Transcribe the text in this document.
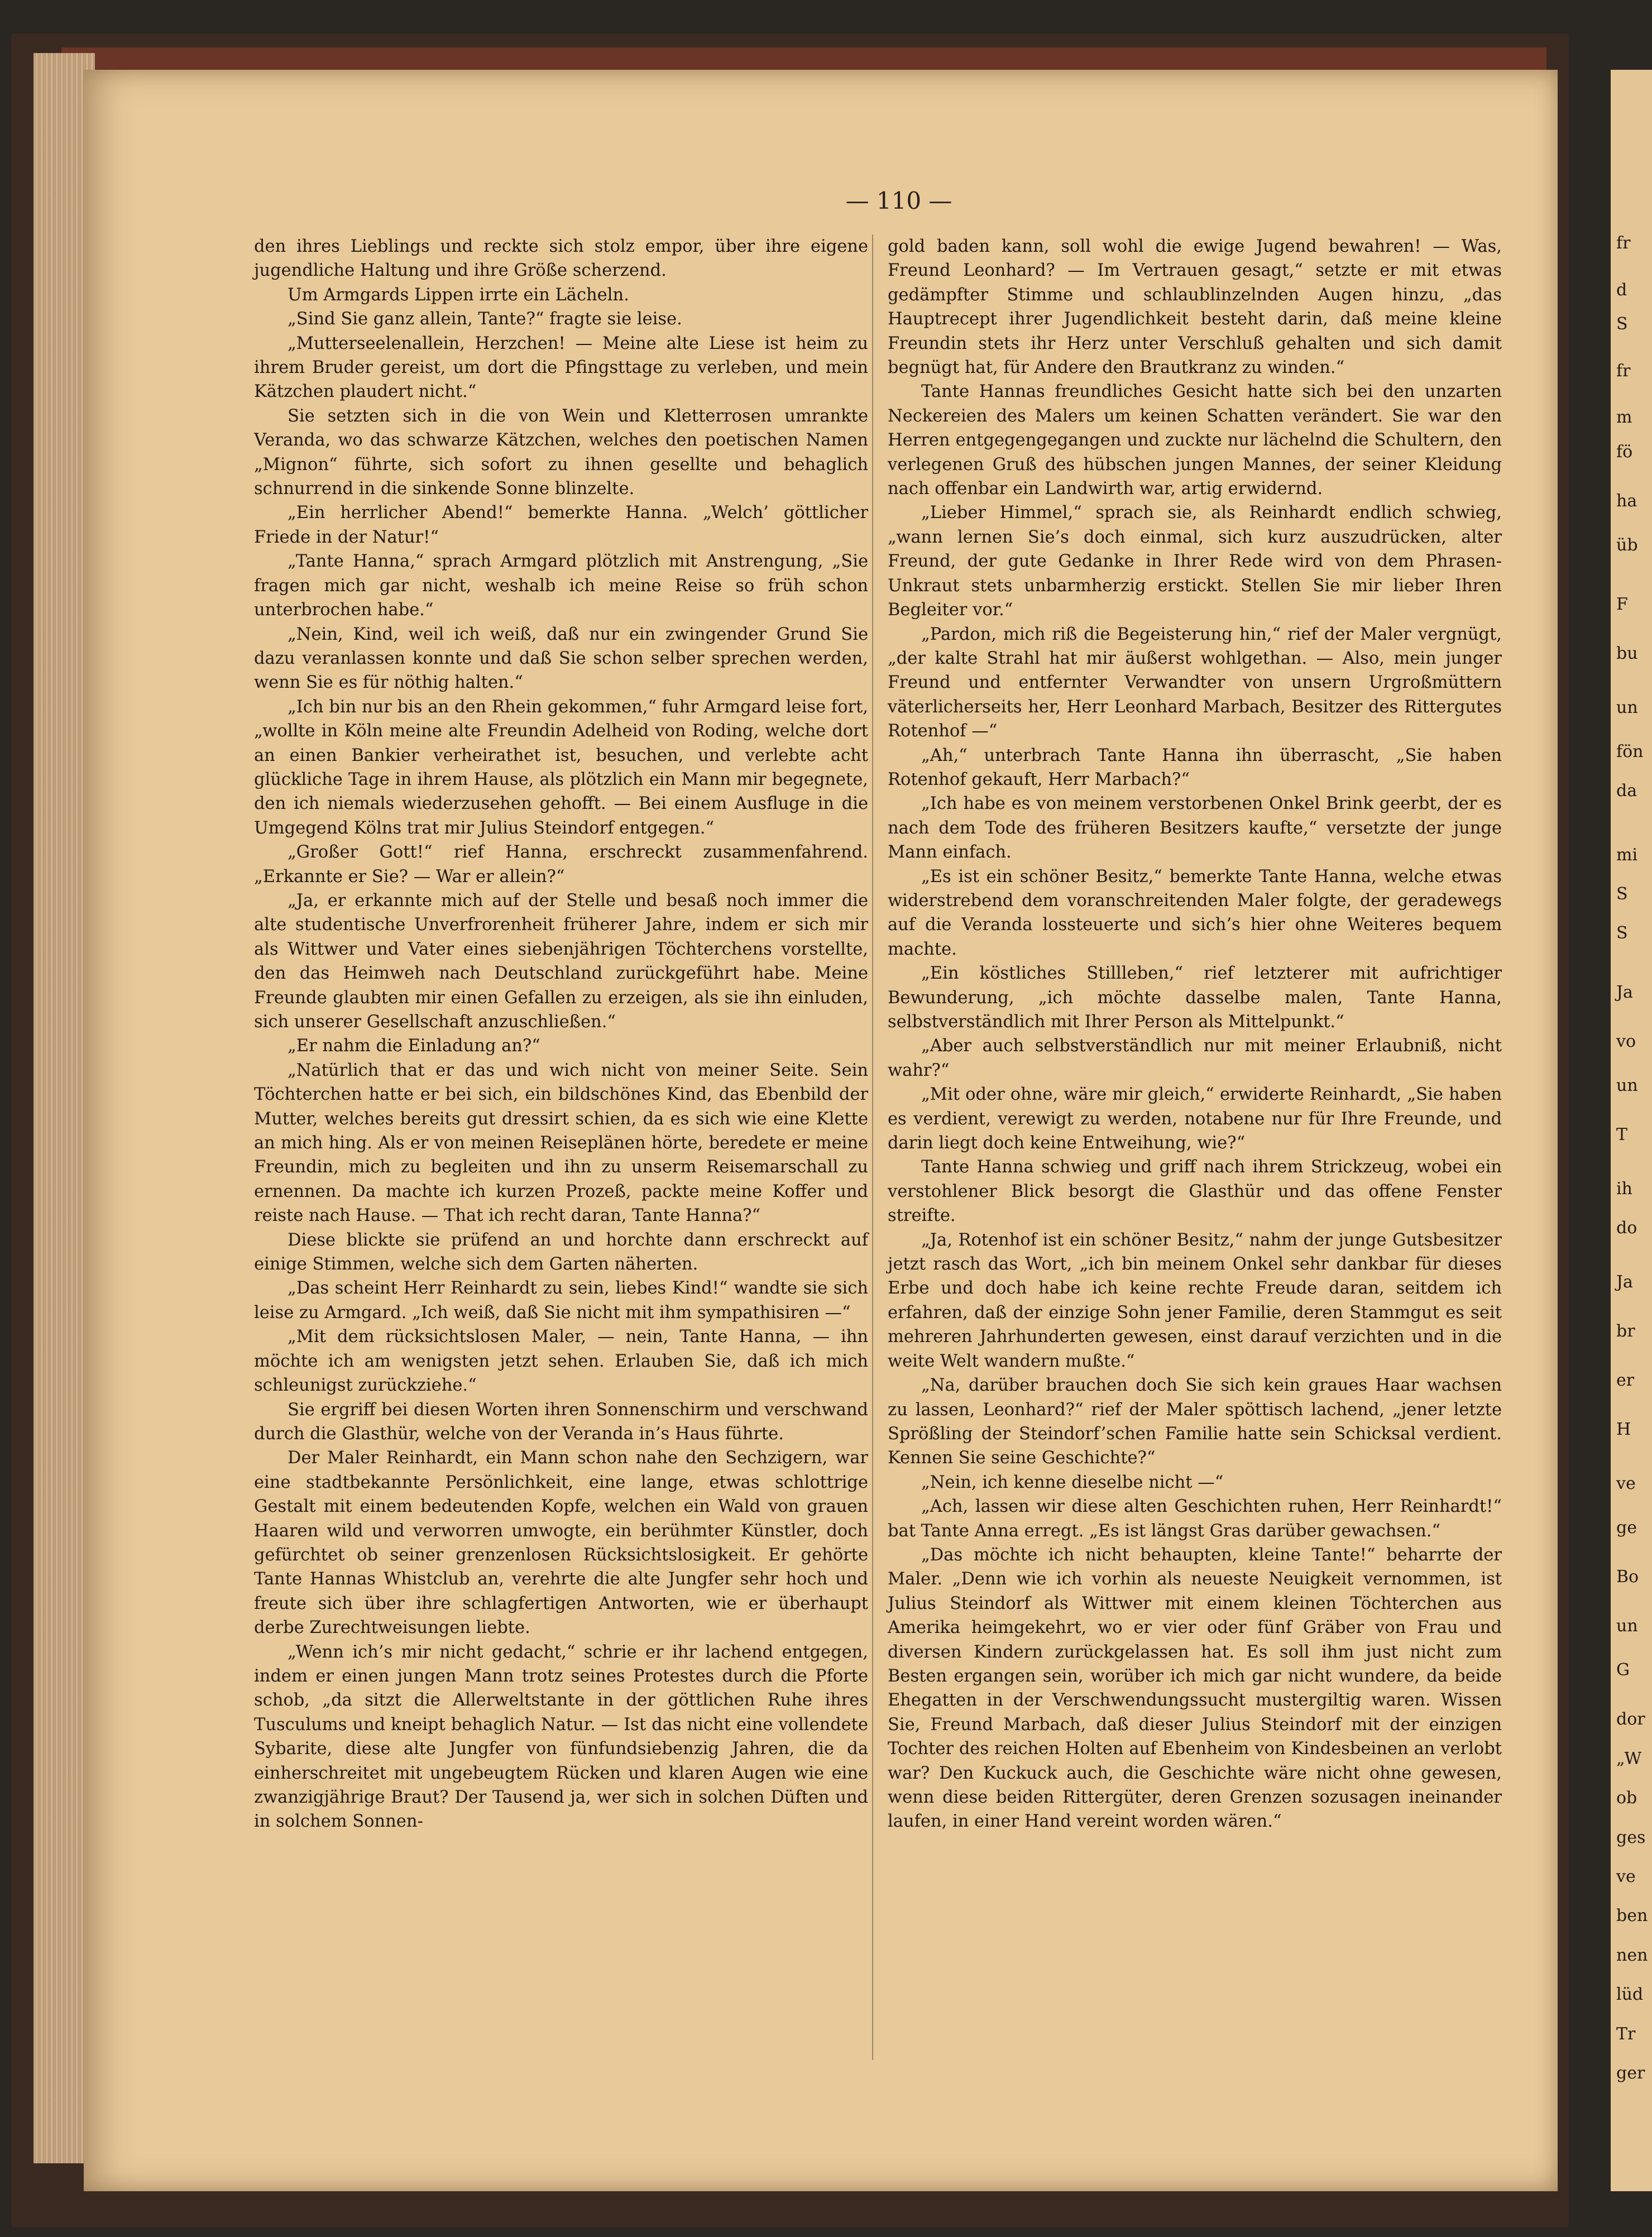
— 110 —

den ihres Lieblings und reckte sich stolz empor, über ihre eigene jugendliche Haltung und ihre Größe scherzend.

Um Armgards Lippen irrte ein Lächeln.

„Sind Sie ganz allein, Tante?“ fragte sie leise.

„Mutterseelenallein, Herzchen! — Meine alte Liese ist heim zu ihrem Bruder gereist, um dort die Pfingsttage zu verleben, und mein Kätzchen plaudert nicht.“

Sie setzten sich in die von Wein und Kletterrosen umrankte Veranda, wo das schwarze Kätzchen, welches den poetischen Namen „Mignon“ führte, sich sofort zu ihnen gesellte und behaglich schnurrend in die sinkende Sonne blinzelte.

„Ein herrlicher Abend!“ bemerkte Hanna. „Welch’ göttlicher Friede in der Natur!“

„Tante Hanna,“ sprach Armgard plötzlich mit Anstrengung, „Sie fragen mich gar nicht, weshalb ich meine Reise so früh schon unterbrochen habe.“

„Nein, Kind, weil ich weiß, daß nur ein zwingender Grund Sie dazu veranlassen konnte und daß Sie schon selber sprechen werden, wenn Sie es für nöthig halten.“

„Ich bin nur bis an den Rhein gekommen,“ fuhr Armgard leise fort, „wollte in Köln meine alte Freundin Adelheid von Roding, welche dort an einen Bankier verheirathet ist, besuchen, und verlebte acht glückliche Tage in ihrem Hause, als plötzlich ein Mann mir begegnete, den ich niemals wiederzusehen gehofft. — Bei einem Ausfluge in die Umgegend Kölns trat mir Julius Steindorf entgegen.“

„Großer Gott!“ rief Hanna, erschreckt zusammenfahrend. „Erkannte er Sie? — War er allein?“

„Ja, er erkannte mich auf der Stelle und besaß noch immer die alte studentische Unverfrorenheit früherer Jahre, indem er sich mir als Wittwer und Vater eines siebenjährigen Töchterchens vorstellte, den das Heimweh nach Deutschland zurückgeführt habe. Meine Freunde glaubten mir einen Gefallen zu erzeigen, als sie ihn einluden, sich unserer Gesellschaft anzuschließen.“

„Er nahm die Einladung an?“

„Natürlich that er das und wich nicht von meiner Seite. Sein Töchterchen hatte er bei sich, ein bildschönes Kind, das Ebenbild der Mutter, welches bereits gut dressirt schien, da es sich wie eine Klette an mich hing. Als er von meinen Reiseplänen hörte, beredete er meine Freundin, mich zu begleiten und ihn zu unserm Reisemarschall zu ernennen. Da machte ich kurzen Prozeß, packte meine Koffer und reiste nach Hause. — That ich recht daran, Tante Hanna?“

Diese blickte sie prüfend an und horchte dann erschreckt auf einige Stimmen, welche sich dem Garten näherten.

„Das scheint Herr Reinhardt zu sein, liebes Kind!“ wandte sie sich leise zu Armgard. „Ich weiß, daß Sie nicht mit ihm sympathisiren —“

„Mit dem rücksichtslosen Maler, — nein, Tante Hanna, — ihn möchte ich am wenigsten jetzt sehen. Erlauben Sie, daß ich mich schleunigst zurückziehe.“

Sie ergriff bei diesen Worten ihren Sonnenschirm und verschwand durch die Glasthür, welche von der Veranda in’s Haus führte.

Der Maler Reinhardt, ein Mann schon nahe den Sechzigern, war eine stadtbekannte Persönlichkeit, eine lange, etwas schlottrige Gestalt mit einem bedeutenden Kopfe, welchen ein Wald von grauen Haaren wild und verworren umwogte, ein berühmter Künstler, doch gefürchtet ob seiner grenzenlosen Rücksichtslosigkeit. Er gehörte Tante Hannas Whistclub an, verehrte die alte Jungfer sehr hoch und freute sich über ihre schlagfertigen Antworten, wie er überhaupt derbe Zurechtweisungen liebte.

„Wenn ich’s mir nicht gedacht,“ schrie er ihr lachend entgegen, indem er einen jungen Mann trotz seines Protestes durch die Pforte schob, „da sitzt die Allerweltstante in der göttlichen Ruhe ihres Tusculums und kneipt behaglich Natur. — Ist das nicht eine vollendete Sybarite, diese alte Jungfer von fünfundsiebenzig Jahren, die da einherschreitet mit ungebeugtem Rücken und klaren Augen wie eine zwanzigjährige Braut? Der Tausend ja, wer sich in solchen Düften und in solchem Sonnen-

gold baden kann, soll wohl die ewige Jugend bewahren! — Was, Freund Leonhard? — Im Vertrauen gesagt,“ setzte er mit etwas gedämpfter Stimme und schlaublinzelnden Augen hinzu, „das Hauptrecept ihrer Jugendlichkeit besteht darin, daß meine kleine Freundin stets ihr Herz unter Verschluß gehalten und sich damit begnügt hat, für Andere den Brautkranz zu winden.“

Tante Hannas freundliches Gesicht hatte sich bei den unzarten Neckereien des Malers um keinen Schatten verändert. Sie war den Herren entgegengegangen und zuckte nur lächelnd die Schultern, den verlegenen Gruß des hübschen jungen Mannes, der seiner Kleidung nach offenbar ein Landwirth war, artig erwidernd.

„Lieber Himmel,“ sprach sie, als Reinhardt endlich schwieg, „wann lernen Sie’s doch einmal, sich kurz auszudrücken, alter Freund, der gute Gedanke in Ihrer Rede wird von dem Phrasen-Unkraut stets unbarmherzig erstickt. Stellen Sie mir lieber Ihren Begleiter vor.“

„Pardon, mich riß die Begeisterung hin,“ rief der Maler vergnügt, „der kalte Strahl hat mir äußerst wohlgethan. — Also, mein junger Freund und entfernter Verwandter von unsern Urgroßmüttern väterlicherseits her, Herr Leonhard Marbach, Besitzer des Rittergutes Rotenhof —“

„Ah,“ unterbrach Tante Hanna ihn überrascht, „Sie haben Rotenhof gekauft, Herr Marbach?“

„Ich habe es von meinem verstorbenen Onkel Brink geerbt, der es nach dem Tode des früheren Besitzers kaufte,“ versetzte der junge Mann einfach.

„Es ist ein schöner Besitz,“ bemerkte Tante Hanna, welche etwas widerstrebend dem voranschreitenden Maler folgte, der geradewegs auf die Veranda lossteuerte und sich’s hier ohne Weiteres bequem machte.

„Ein köstliches Stillleben,“ rief letzterer mit aufrichtiger Bewunderung, „ich möchte dasselbe malen, Tante Hanna, selbstverständlich mit Ihrer Person als Mittelpunkt.“

„Aber auch selbstverständlich nur mit meiner Erlaubniß, nicht wahr?“

„Mit oder ohne, wäre mir gleich,“ erwiderte Reinhardt, „Sie haben es verdient, verewigt zu werden, notabene nur für Ihre Freunde, und darin liegt doch keine Entweihung, wie?“

Tante Hanna schwieg und griff nach ihrem Strickzeug, wobei ein verstohlener Blick besorgt die Glasthür und das offene Fenster streifte.

„Ja, Rotenhof ist ein schöner Besitz,“ nahm der junge Gutsbesitzer jetzt rasch das Wort, „ich bin meinem Onkel sehr dankbar für dieses Erbe und doch habe ich keine rechte Freude daran, seitdem ich erfahren, daß der einzige Sohn jener Familie, deren Stammgut es seit mehreren Jahrhunderten gewesen, einst darauf verzichten und in die weite Welt wandern mußte.“

„Na, darüber brauchen doch Sie sich kein graues Haar wachsen zu lassen, Leonhard?“ rief der Maler spöttisch lachend, „jener letzte Sprößling der Steindorf’schen Familie hatte sein Schicksal verdient. Kennen Sie seine Geschichte?“

„Nein, ich kenne dieselbe nicht —“

„Ach, lassen wir diese alten Geschichten ruhen, Herr Reinhardt!“ bat Tante Anna erregt. „Es ist längst Gras darüber gewachsen.“

„Das möchte ich nicht behaupten, kleine Tante!“ beharrte der Maler. „Denn wie ich vorhin als neueste Neuigkeit vernommen, ist Julius Steindorf als Wittwer mit einem kleinen Töchterchen aus Amerika heimgekehrt, wo er vier oder fünf Gräber von Frau und diversen Kindern zurückgelassen hat. Es soll ihm just nicht zum Besten ergangen sein, worüber ich mich gar nicht wundere, da beide Ehegatten in der Verschwendungssucht mustergiltig waren. Wissen Sie, Freund Marbach, daß dieser Julius Steindorf mit der einzigen Tochter des reichen Holten auf Ebenheim von Kindesbeinen an verlobt war? Den Kuckuck auch, die Geschichte wäre nicht ohne gewesen, wenn diese beiden Rittergüter, deren Grenzen sozusagen ineinander laufen, in einer Hand vereint worden wären.“

fr
d
S
fr
m
fö
ha
üb
F
bu
un
fön
da
mi
S
S
Ja
vo
un
T
ih
do
Ja
br
er
H
ve
ge
Bo
un
G
dor
„W
ob
ges
ve
ben
nen
lüd
Tr
ger
